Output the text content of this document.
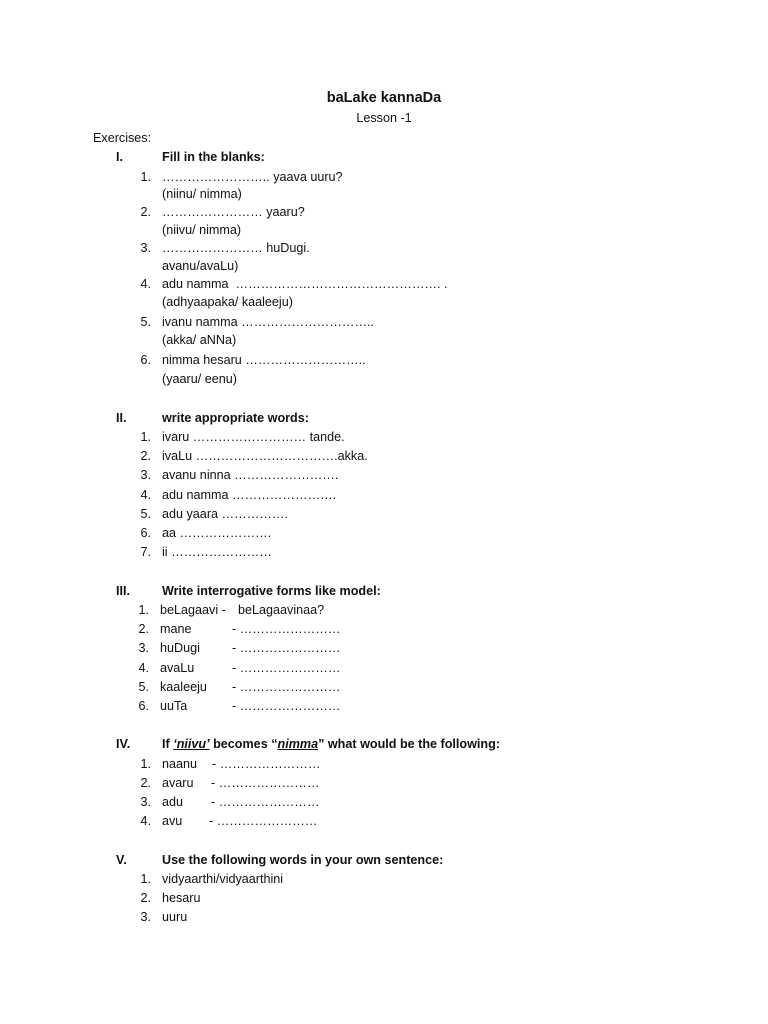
baLake kannaDa
Lesson -1
Exercises:
I.	Fill in the blanks:
1. …………………….. yaava uuru?
(niinu/ nimma)
2. …………………… yaaru?
(niivu/ nimma)
3. …………………… huDugi.
avanu/avaLu)
4. adu namma  …………………………………………. .
(adhyaapaka/ kaaleeju)
5. ivanu namma …………………………..
(akka/ aNNa)
6. nimma hesaru ………………………..
(yaaru/ eenu)
II.	write appropriate words:
1. ivaru ……………………… tande.
2. ivaLu …………………………….akka.
3. avanu ninna …………………….
4. adu namma …………………….
5. adu yaara …………….
6. aa ………………….
7. ii ……………………
III.	Write interrogative forms like model:
1. beLagaavi - beLagaavinaa?
2. mane	- ……………………
3. huDugi	- ……………………
4. avaLu	- ……………………
5. kaaleeju - ……………………
6. uuTa	- ……………………
IV.	If ‘niivu’ becomes “nimma” what would be the following:
1. naanu - ……………………
2. avaru - ……………………
3. adu - ……………………
4. avu - ……………………
V.	Use the following words in your own sentence:
1. vidyaarthi/vidyaarthini
2. hesaru
3. uuru
